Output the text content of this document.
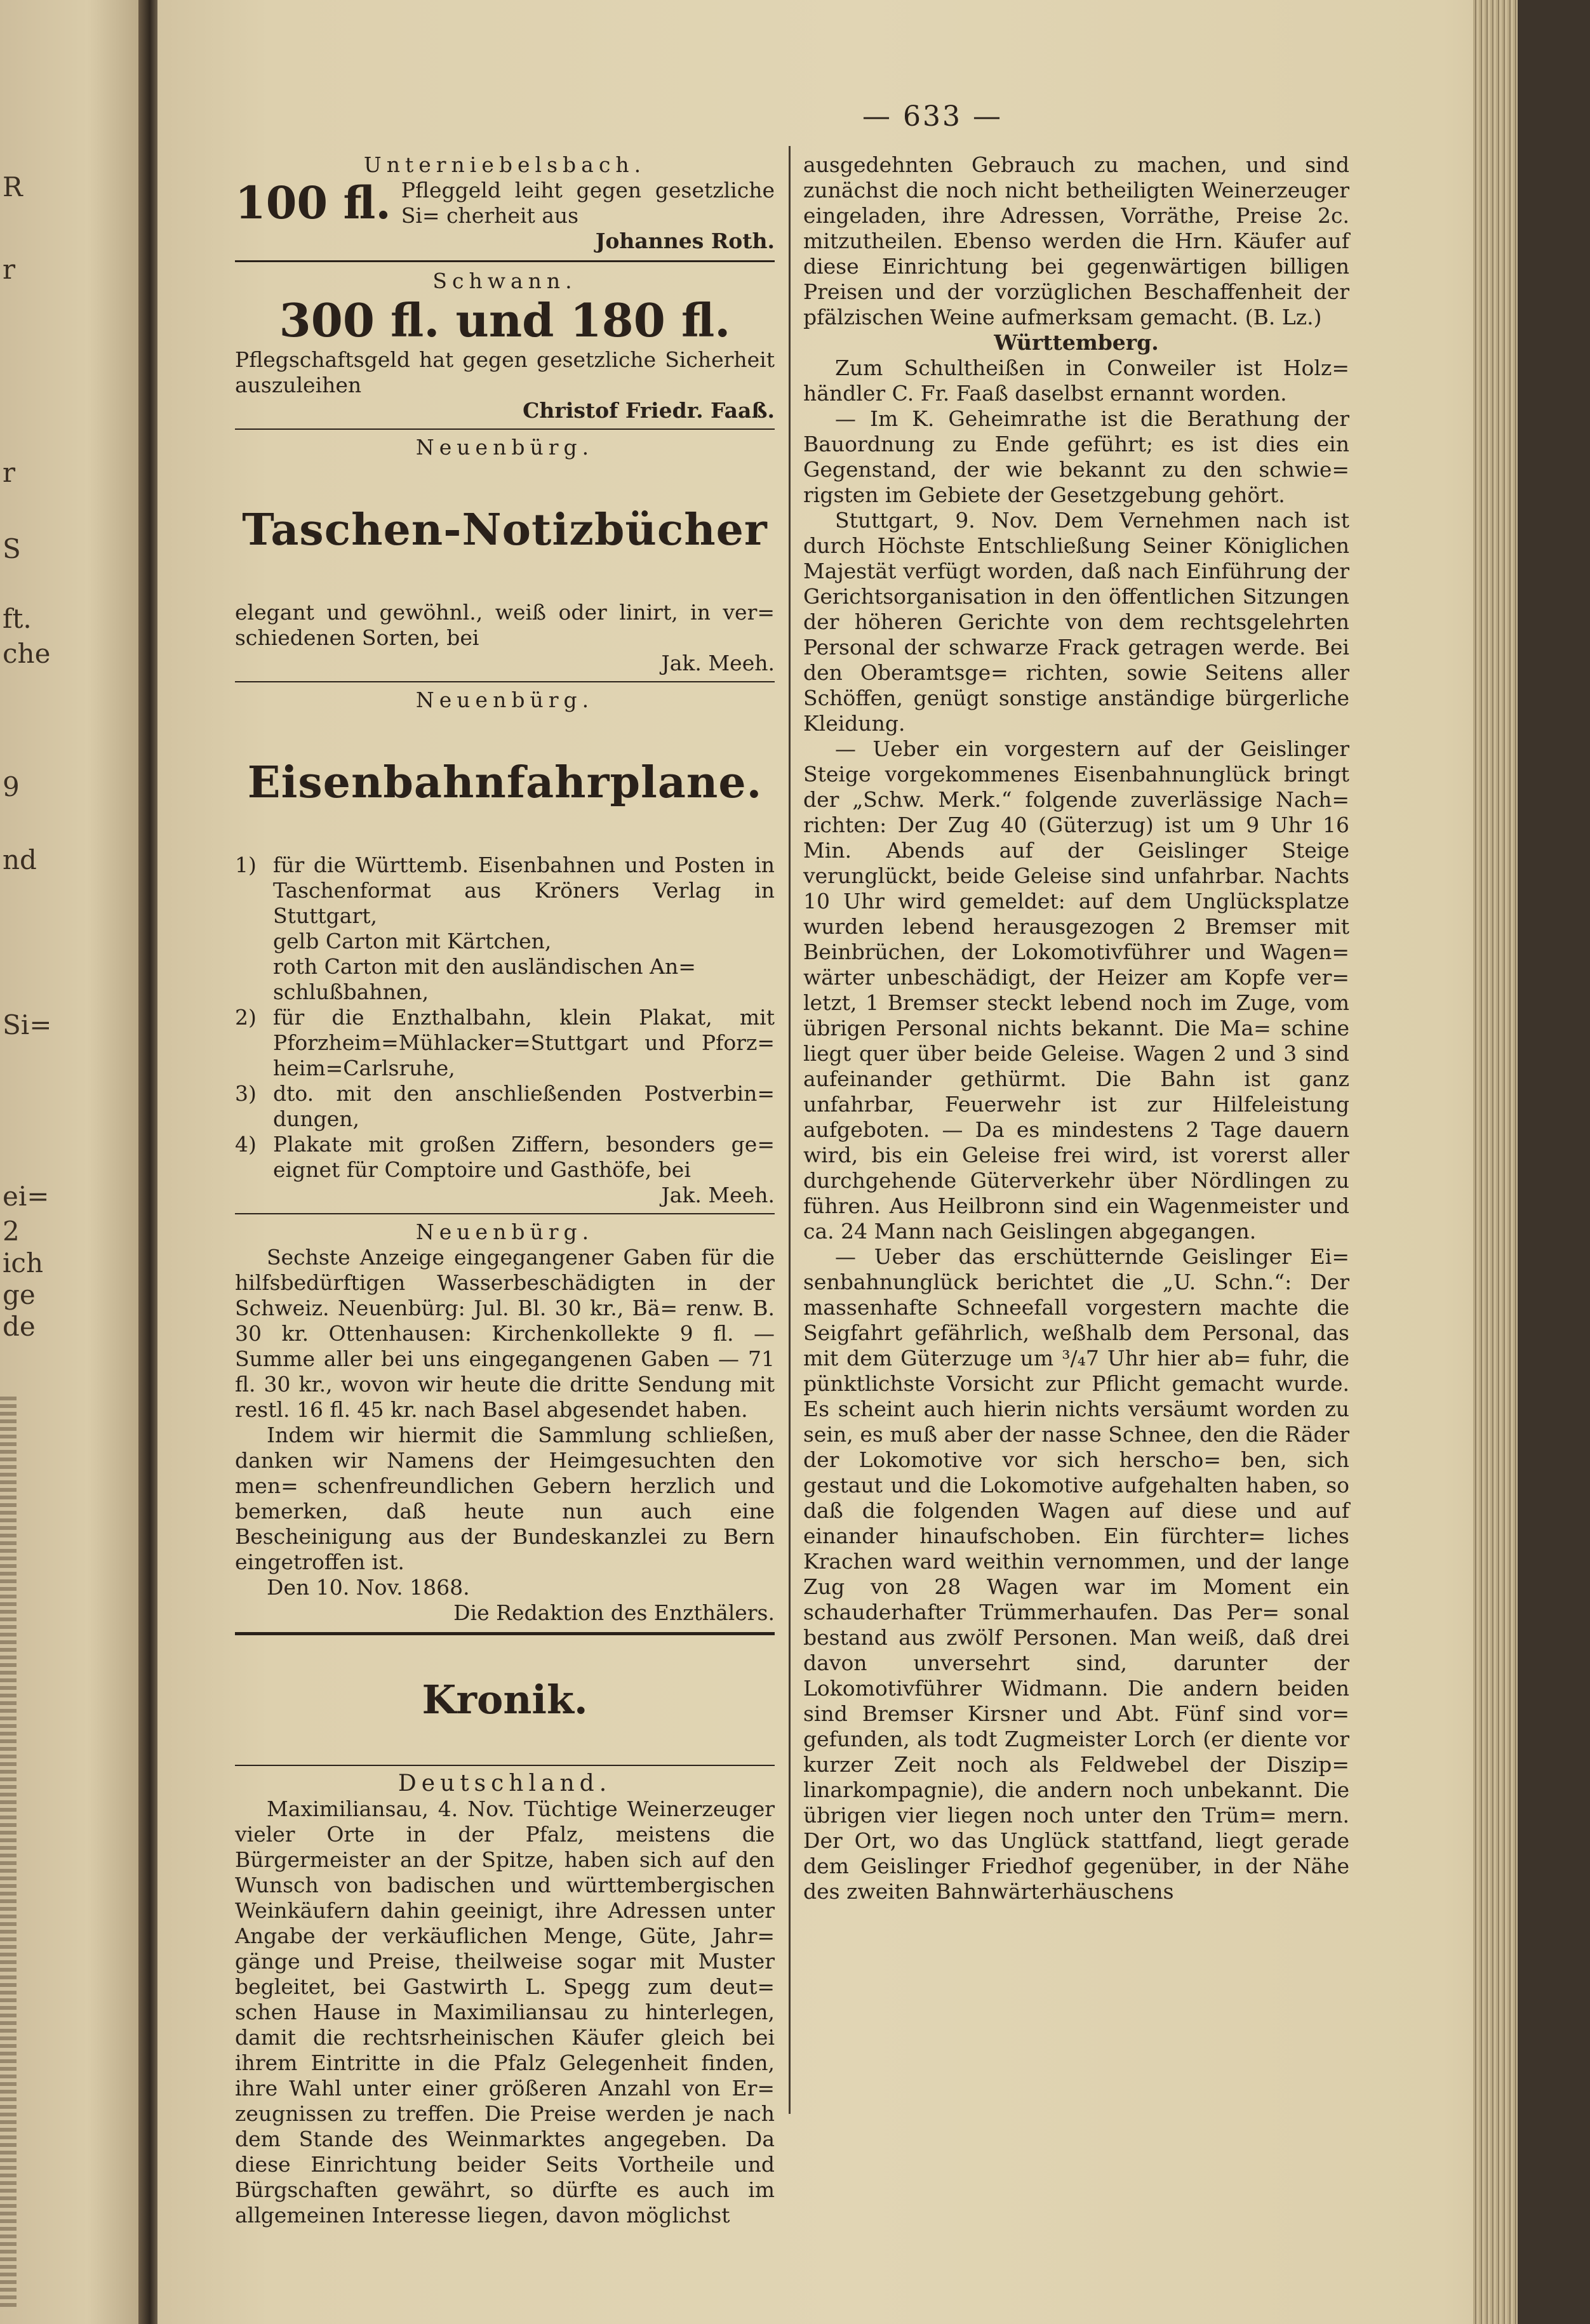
R
r
r
S
ft.
che
9
nd
Si=
ei=
2
ich
ge
de
— 633 —

Unterniebelsbach.

100 fl. Pfleggeld leiht gegen gesetzliche Si= cherheit aus

Johannes Roth.

Schwann.

300 fl. und 180 fl.

Pflegschaftsgeld hat gegen gesetzliche Sicherheit auszuleihen

Christof Friedr. Faaß.

Neuenbürg.

Taschen-Notizbücher

elegant und gewöhnl., weiß oder linirt, in ver= schiedenen Sorten, bei

Jak. Meeh.

Neuenbürg.

Eisenbahnfahrplane.

1) für die Württemb. Eisenbahnen und Posten in Taschenformat aus Kröners Verlag in Stuttgart,
gelb Carton mit Kärtchen,
roth Carton mit den ausländischen An= schlußbahnen,
2) für die Enzthalbahn, klein Plakat, mit Pforzheim=Mühlacker=Stuttgart und Pforz= heim=Carlsruhe,
3) dto. mit den anschließenden Postverbin= dungen,
4) Plakate mit großen Ziffern, besonders ge= eignet für Comptoire und Gasthöfe, bei

Jak. Meeh.

Neuenbürg.

Sechste Anzeige eingegangener Gaben für die hilfsbedürftigen Wasserbeschädigten in der Schweiz. Neuenbürg: Jul. Bl. 30 kr., Bä= renw. B. 30 kr. Ottenhausen: Kirchenkollekte 9 fl. — Summe aller bei uns eingegangenen Gaben — 71 fl. 30 kr., wovon wir heute die dritte Sendung mit restl. 16 fl. 45 kr. nach Basel abgesendet haben.

Indem wir hiermit die Sammlung schließen, danken wir Namens der Heimgesuchten den men= schenfreundlichen Gebern herzlich und bemerken, daß heute nun auch eine Bescheinigung aus der Bundeskanzlei zu Bern eingetroffen ist.

Den 10. Nov. 1868.

Die Redaktion des Enzthälers.

Kronik.

Deutschland.

Maximiliansau, 4. Nov. Tüchtige Weinerzeuger vieler Orte in der Pfalz, meistens die Bürgermeister an der Spitze, haben sich auf den Wunsch von badischen und württembergischen Weinkäufern dahin geeinigt, ihre Adressen unter Angabe der verkäuflichen Menge, Güte, Jahr= gänge und Preise, theilweise sogar mit Muster begleitet, bei Gastwirth L. Spegg zum deut= schen Hause in Maximiliansau zu hinterlegen, damit die rechtsrheinischen Käufer gleich bei ihrem Eintritte in die Pfalz Gelegenheit finden, ihre Wahl unter einer größeren Anzahl von Er= zeugnissen zu treffen. Die Preise werden je nach dem Stande des Weinmarktes angegeben. Da diese Einrichtung beider Seits Vortheile und Bürgschaften gewährt, so dürfte es auch im allgemeinen Interesse liegen, davon möglichst

ausgedehnten Gebrauch zu machen, und sind zunächst die noch nicht betheiligten Weinerzeuger eingeladen, ihre Adressen, Vorräthe, Preise 2c. mitzutheilen. Ebenso werden die Hrn. Käufer auf diese Einrichtung bei gegenwärtigen billigen Preisen und der vorzüglichen Beschaffenheit der pfälzischen Weine aufmerksam gemacht. (B. Lz.)

Württemberg.

Zum Schultheißen in Conweiler ist Holz= händler C. Fr. Faaß daselbst ernannt worden.

— Im K. Geheimrathe ist die Berathung der Bauordnung zu Ende geführt; es ist dies ein Gegenstand, der wie bekannt zu den schwie= rigsten im Gebiete der Gesetzgebung gehört.

Stuttgart, 9. Nov. Dem Vernehmen nach ist durch Höchste Entschließung Seiner Königlichen Majestät verfügt worden, daß nach Einführung der Gerichtsorganisation in den öffentlichen Sitzungen der höheren Gerichte von dem rechtsgelehrten Personal der schwarze Frack getragen werde. Bei den Oberamtsge= richten, sowie Seitens aller Schöffen, genügt sonstige anständige bürgerliche Kleidung.

— Ueber ein vorgestern auf der Geislinger Steige vorgekommenes Eisenbahnunglück bringt der „Schw. Merk.“ folgende zuverlässige Nach= richten: Der Zug 40 (Güterzug) ist um 9 Uhr 16 Min. Abends auf der Geislinger Steige verunglückt, beide Geleise sind unfahrbar. Nachts 10 Uhr wird gemeldet: auf dem Unglücksplatze wurden lebend herausgezogen 2 Bremser mit Beinbrüchen, der Lokomotivführer und Wagen= wärter unbeschädigt, der Heizer am Kopfe ver= letzt, 1 Bremser steckt lebend noch im Zuge, vom übrigen Personal nichts bekannt. Die Ma= schine liegt quer über beide Geleise. Wagen 2 und 3 sind aufeinander gethürmt. Die Bahn ist ganz unfahrbar, Feuerwehr ist zur Hilfeleistung aufgeboten. — Da es mindestens 2 Tage dauern wird, bis ein Geleise frei wird, ist vorerst aller durchgehende Güterverkehr über Nördlingen zu führen. Aus Heilbronn sind ein Wagenmeister und ca. 24 Mann nach Geislingen abgegangen.

— Ueber das erschütternde Geislinger Ei= senbahnunglück berichtet die „U. Schn.“: Der massenhafte Schneefall vorgestern machte die Seigfahrt gefährlich, weßhalb dem Personal, das mit dem Güterzuge um ³/₄7 Uhr hier ab= fuhr, die pünktlichste Vorsicht zur Pflicht gemacht wurde. Es scheint auch hierin nichts versäumt worden zu sein, es muß aber der nasse Schnee, den die Räder der Lokomotive vor sich herscho= ben, sich gestaut und die Lokomotive aufgehalten haben, so daß die folgenden Wagen auf diese und auf einander hinaufschoben. Ein fürchter= liches Krachen ward weithin vernommen, und der lange Zug von 28 Wagen war im Moment ein schauderhafter Trümmerhaufen. Das Per= sonal bestand aus zwölf Personen. Man weiß, daß drei davon unversehrt sind, darunter der Lokomotivführer Widmann. Die andern beiden sind Bremser Kirsner und Abt. Fünf sind vor= gefunden, als todt Zugmeister Lorch (er diente vor kurzer Zeit noch als Feldwebel der Diszip= linarkompagnie), die andern noch unbekannt. Die übrigen vier liegen noch unter den Trüm= mern. Der Ort, wo das Unglück stattfand, liegt gerade dem Geislinger Friedhof gegenüber, in der Nähe des zweiten Bahnwärterhäuschens
